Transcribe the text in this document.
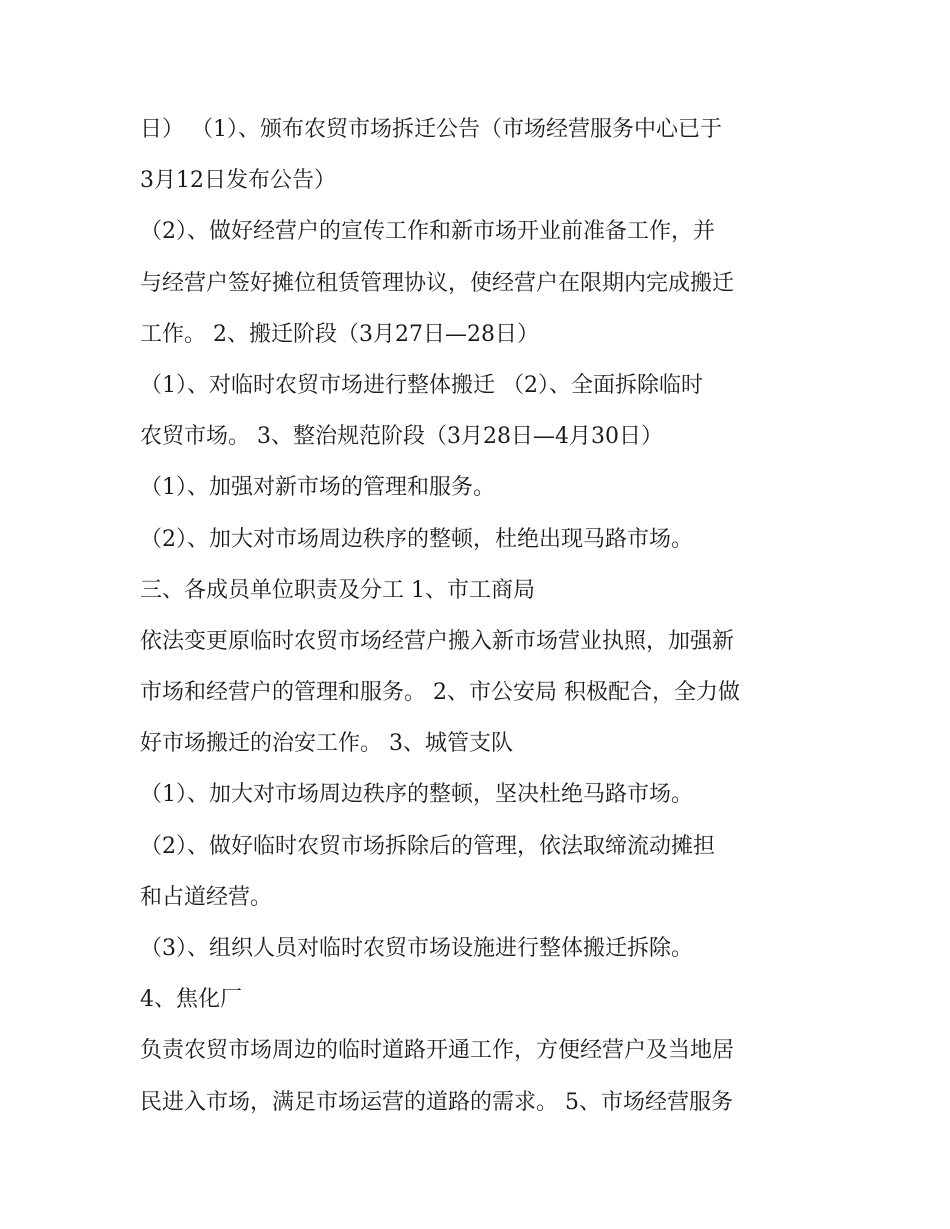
日） （1）、颁布农贸市场拆迁公告（市场经营服务中心已于
3月12日发布公告）
（2）、做好经营户的宣传工作和新市场开业前准备工作，并
与经营户签好摊位租赁管理协议，使经营户在限期内完成搬迁
工作。 2、搬迁阶段（3月27日—28日）
（1）、对临时农贸市场进行整体搬迁 （2）、全面拆除临时
农贸市场。 3、整治规范阶段（3月28日—4月30日）
（1）、加强对新市场的管理和服务。
（2）、加大对市场周边秩序的整顿，杜绝出现马路市场。
三、各成员单位职责及分工 1、市工商局
依法变更原临时农贸市场经营户搬入新市场营业执照，加强新
市场和经营户的管理和服务。 2、市公安局 积极配合，全力做
好市场搬迁的治安工作。 3、城管支队
（1）、加大对市场周边秩序的整顿，坚决杜绝马路市场。
（2）、做好临时农贸市场拆除后的管理，依法取缔流动摊担
和占道经营。
（3）、组织人员对临时农贸市场设施进行整体搬迁拆除。
4、焦化厂
负责农贸市场周边的临时道路开通工作，方便经营户及当地居
民进入市场，满足市场运营的道路的需求。 5、市场经营服务
